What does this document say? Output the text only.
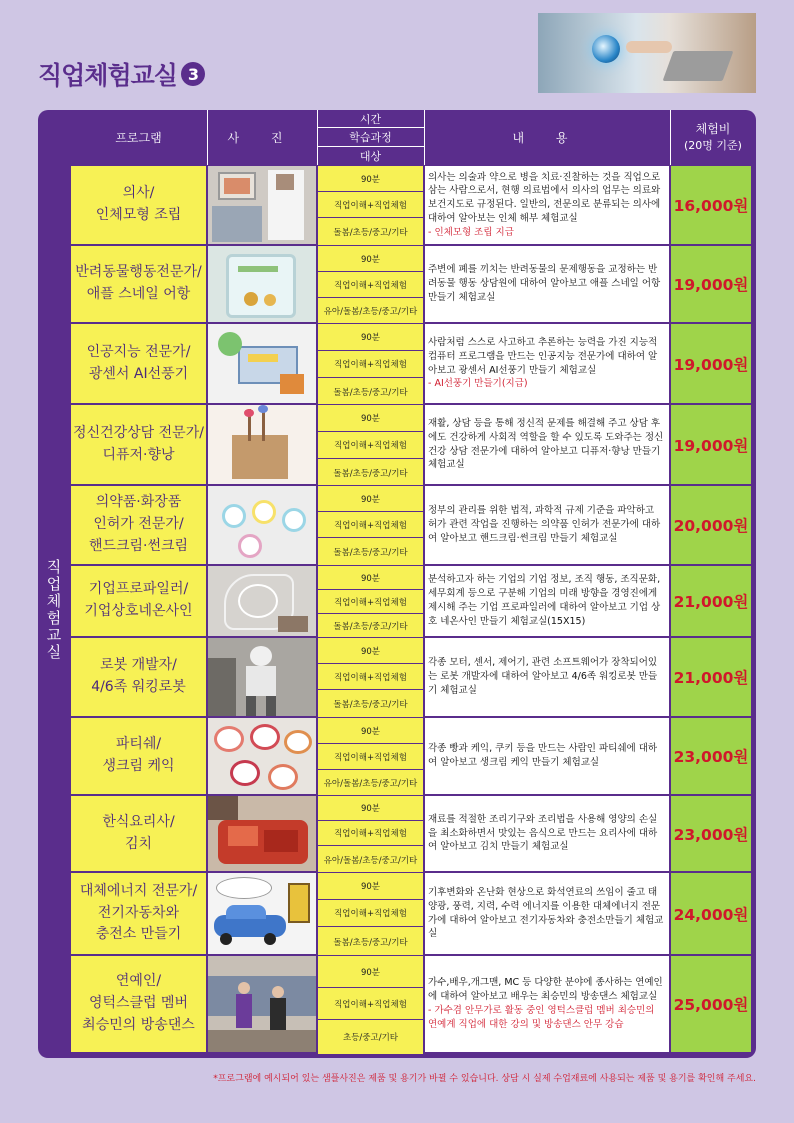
직업체험교실 3
프로그램	사 진
시간
학습과정
대상
내 용
체험비
(20명 기준)
직업체험교실
의사/
인체모형 조립
90분
직업이해+직업체험
돌봄/초등/중고/기타
의사는 의술과 약으로 병을 치료·진찰하는 것을 직업으로 삼는 사람으로서, 현행 의료법에서 의사의 업무는 의료와 보건지도로 규정된다. 일반의, 전문의로 분류되는 의사에 대하여 알아보는 인체 해부 체험교실
- 인체모형 조립 지급
16,000원
반려동물행동전문가/
애플 스네일 어항
90분
직업이해+직업체험
유아/돌봄/초등/중고/기타
주변에 폐를 끼치는 반려동물의 문제행동을 교정하는 반려동물 행동 상담원에 대하여 알아보고 애플 스네일 어항 만들기 체험교실
19,000원
인공지능 전문가/
광센서 AI선풍기
90분
직업이해+직업체험
돌봄/초등/중고/기타
사람처럼 스스로 사고하고 추론하는 능력을 가진 지능적 컴퓨터 프로그램을 만드는 인공지능 전문가에 대하여 알아보고 광센서 AI선풍기 만들기 체험교실
- AI선풍기 만들기(지급)
19,000원
정신건강상담 전문가/
디퓨저·향낭
90분
직업이해+직업체험
돌봄/초등/중고/기타
재활, 상담 등을 통해 정신적 문제를 해결해 주고 상담 후에도 건강하게 사회적 역할을 할 수 있도록 도와주는 정신건강 상담 전문가에 대하여 알아보고 디퓨저·향낭 만들기 체험교실
19,000원
의약품·화장품
인허가 전문가/
핸드크림·썬크림
90분
직업이해+직업체험
돌봄/초등/중고/기타
정부의 관리를 위한 법적, 과학적 규제 기준을 파악하고 허가 관련 작업을 진행하는 의약품 인허가 전문가에 대하여 알아보고 핸드크림·썬크림 만들기 체험교실
20,000원
기업프로파일러/
기업상호네온사인
90분
직업이해+직업체험
돌봄/초등/중고/기타
분석하고자 하는 기업의 기업 정보, 조직 행동, 조직문화, 세무회계 등으로 구분해 기업의 미래 방향을 경영진에게 제시해 주는 기업 프로파일러에 대하여 알아보고 기업 상호 네온사인 만들기 체험교실(15X15)
21,000원
로봇 개발자/
4/6족 워킹로봇
90분
직업이해+직업체험
돌봄/초등/중고/기타
각종 모터, 센서, 제어기, 관련 소프트웨어가 장착되어있는 로봇 개발자에 대하여 알아보고 4/6족 워킹로봇 만들기 체험교실
21,000원
파티쉐/
생크림 케익
90분
직업이해+직업체험
유아/돌봄/초등/중고/기타
각종 빵과 케익, 쿠키 등을 만드는 사람인 파티쉐에 대하여 알아보고 생크림 케익 만들기 체험교실	23,000원
한식요리사/
김치
90분
직업이해+직업체험
유아/돌봄/초등/중고/기타
재료를 적절한 조리기구와 조리법을 사용해 영양의 손실을 최소화하면서 맛있는 음식으로 만드는 요리사에 대하여 알아보고 김치 만들기 체험교실
23,000원
대체에너지 전문가/
전기자동차와
충전소 만들기
90분
직업이해+직업체험
돌봄/초등/중고/기타
기후변화와 온난화 현상으로 화석연료의 쓰임이 줄고 태양광, 풍력, 지력, 수력 에너지를 이용한 대체에너지 전문가에 대하여 알아보고 전기자동차와 충전소만들기 체험교실
24,000원
연예인/
영턱스클럽 멤버
최승민의 방송댄스
90분
직업이해+직업체험
초등/중고/기타
가수,배우,개그맨, MC 등 다양한 분야에 종사하는 연예인에 대하여 알아보고 배우는 최승민의 방송댄스 체험교실
- 가수겸 안무가로 활동 중인 영턱스클럽 멤버 최승민의 연예계 직업에 대한 강의 및 방송댄스 안무 강습
25,000원
*프로그램에 예시되어 있는 샘플사진은 제품 및 용기가 바뀔 수 있습니다. 상담 시 실제 수업재료에 사용되는 제품 및 용기를 확인해 주세요.
